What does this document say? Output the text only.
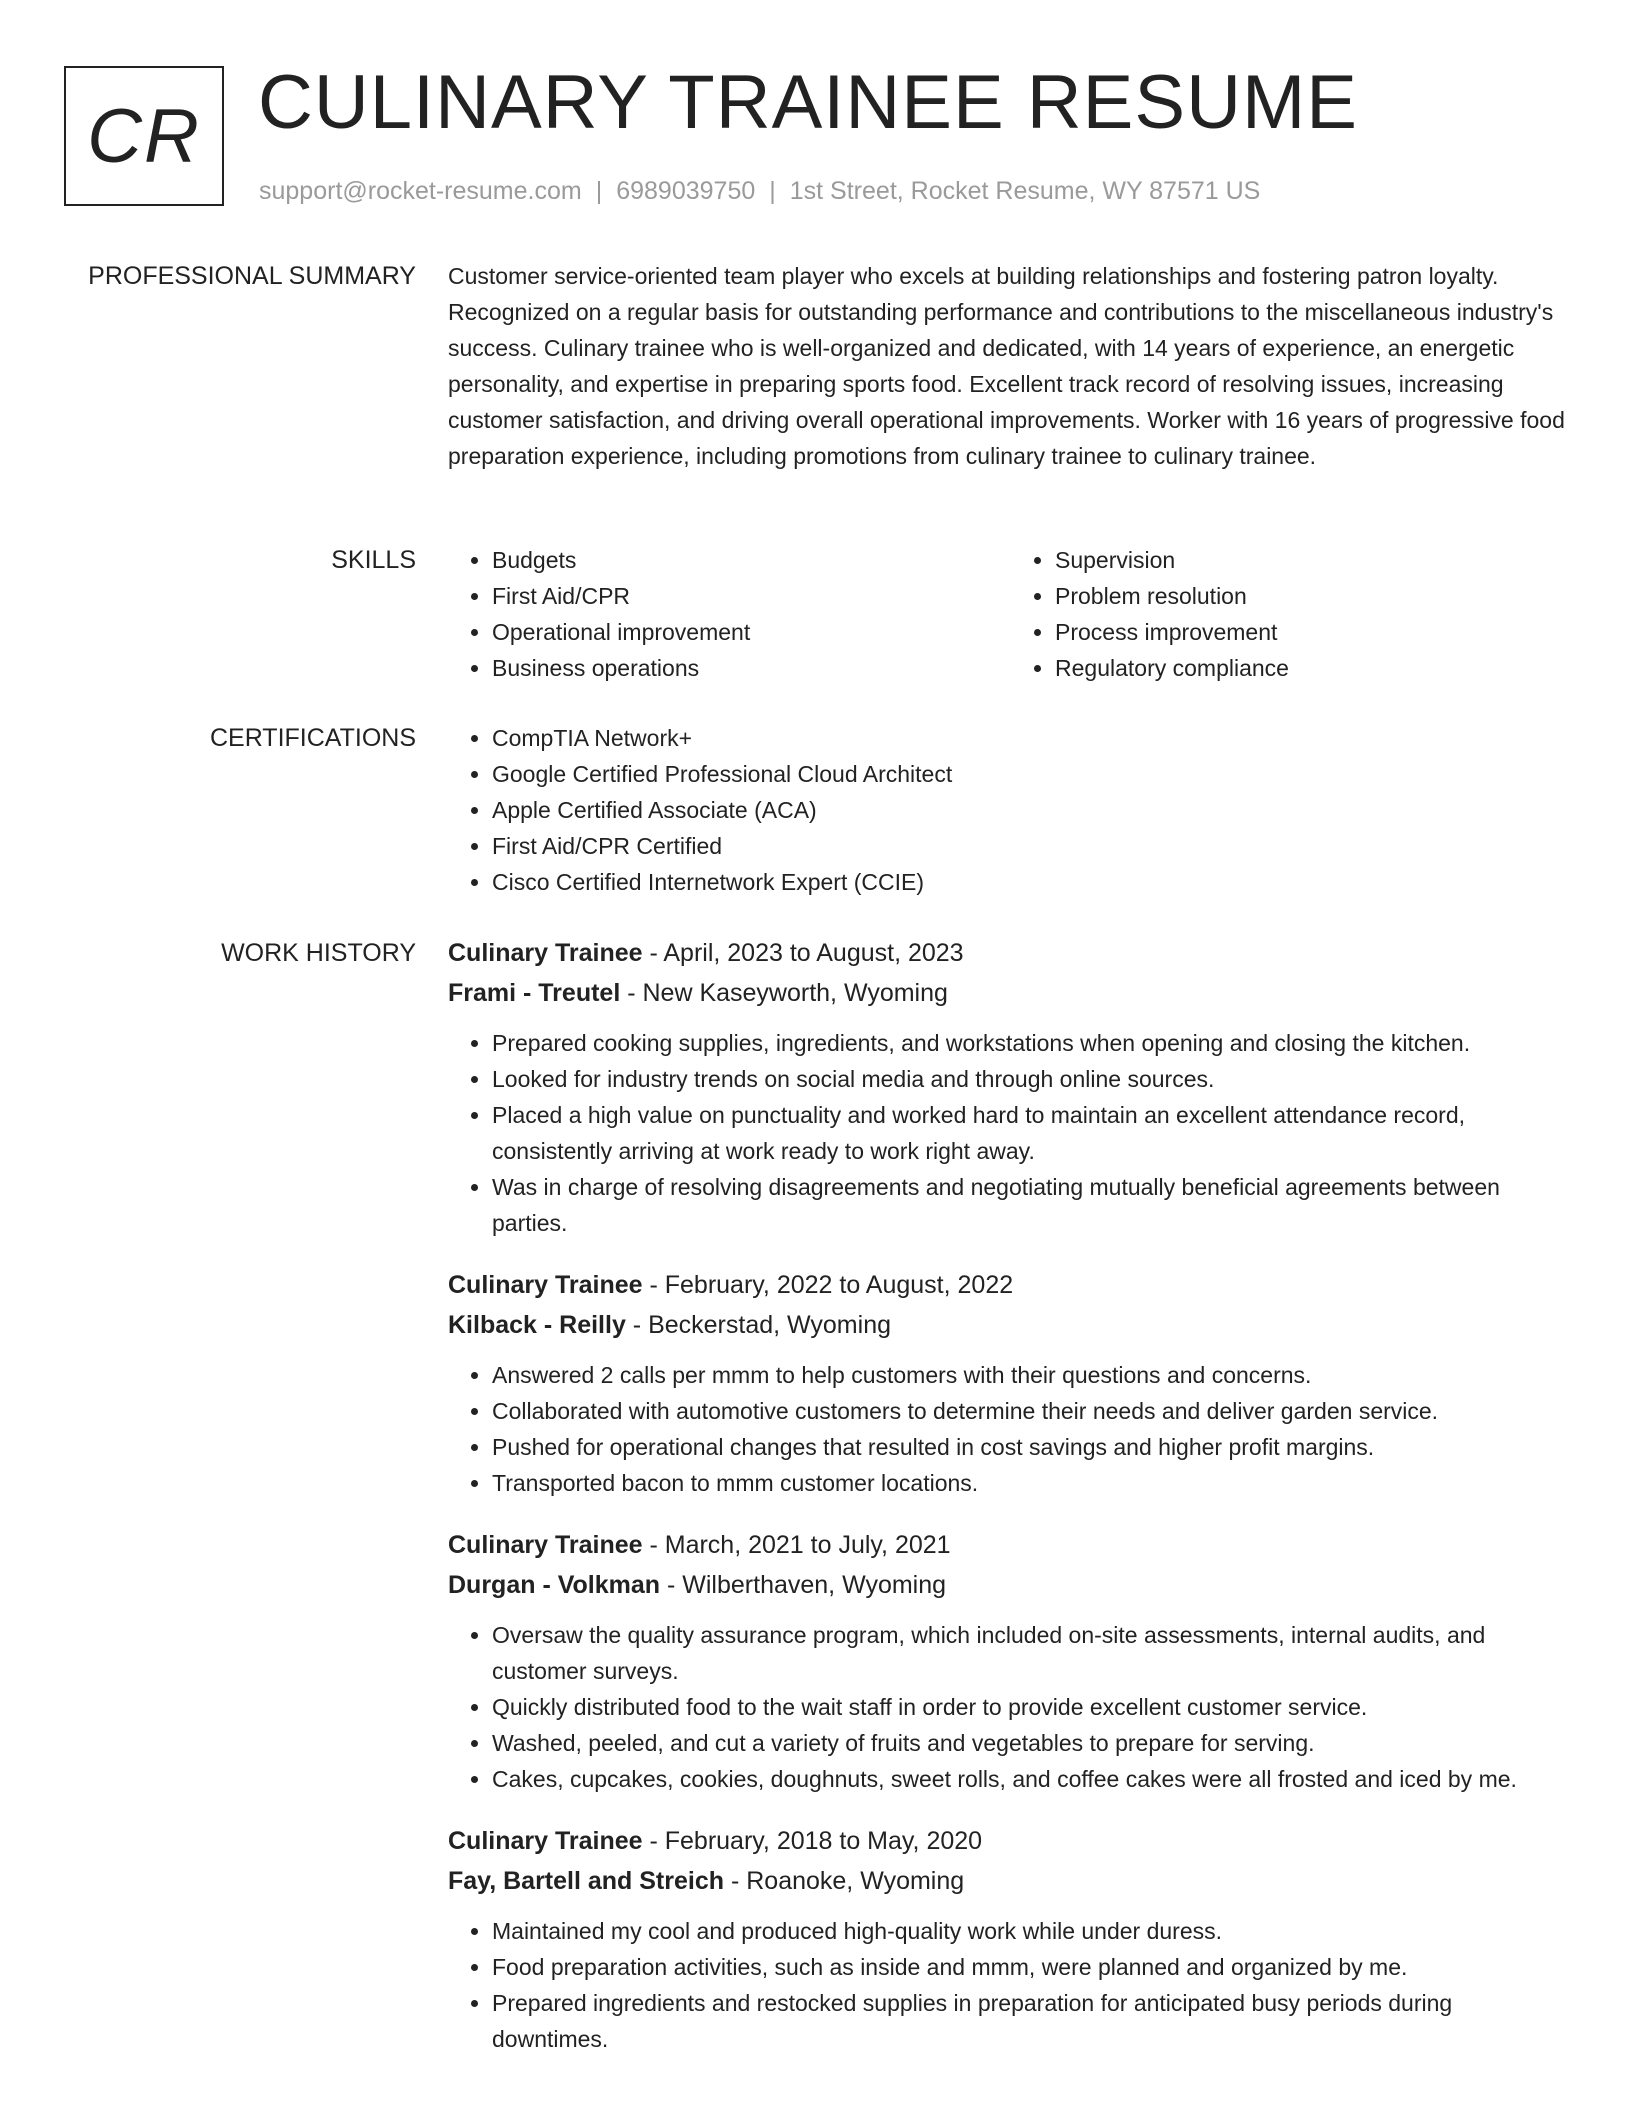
CR CULINARY TRAINEE RESUME
support@rocket-resume.com | 6989039750 | 1st Street, Rocket Resume, WY 87571 US
PROFESSIONAL SUMMARY Customer service-oriented team player who excels at building relationships and fostering patron loyalty. Recognized on a regular basis for outstanding performance and contributions to the miscellaneous industry's success. Culinary trainee who is well-organized and dedicated, with 14 years of experience, an energetic personality, and expertise in preparing sports food. Excellent track record of resolving issues, increasing customer satisfaction, and driving overall operational improvements. Worker with 16 years of progressive food preparation experience, including promotions from culinary trainee to culinary trainee.

SKILLS	• Budgets
• First Aid/CPR
• Operational improvement
• Business operations
• Supervision
• Problem resolution
• Process improvement
• Regulatory compliance
CERTIFICATIONS	• CompTIA Network+
• Google Certified Professional Cloud Architect
• Apple Certified Associate (ACA)
• First Aid/CPR Certified
• Cisco Certified Internetwork Expert (CCIE)
WORK HISTORY Culinary Trainee - April, 2023 to August, 2023
Frami - Treutel - New Kaseyworth, Wyoming
• Prepared cooking supplies, ingredients, and workstations when opening and closing the kitchen.
• Looked for industry trends on social media and through online sources.
• Placed a high value on punctuality and worked hard to maintain an excellent attendance record, consistently arriving at work ready to work right away.
• Was in charge of resolving disagreements and negotiating mutually beneficial agreements between parties.
Culinary Trainee - February, 2022 to August, 2022
Kilback - Reilly - Beckerstad, Wyoming
• Answered 2 calls per mmm to help customers with their questions and concerns.
• Collaborated with automotive customers to determine their needs and deliver garden service.
• Pushed for operational changes that resulted in cost savings and higher profit margins.
• Transported bacon to mmm customer locations.
Culinary Trainee - March, 2021 to July, 2021
Durgan - Volkman - Wilberthaven, Wyoming
• Oversaw the quality assurance program, which included on-site assessments, internal audits, and customer surveys.
• Quickly distributed food to the wait staff in order to provide excellent customer service.
• Washed, peeled, and cut a variety of fruits and vegetables to prepare for serving.
• Cakes, cupcakes, cookies, doughnuts, sweet rolls, and coffee cakes were all frosted and iced by me.
Culinary Trainee - February, 2018 to May, 2020
Fay, Bartell and Streich - Roanoke, Wyoming
• Maintained my cool and produced high-quality work while under duress.
• Food preparation activities, such as inside and mmm, were planned and organized by me.
• Prepared ingredients and restocked supplies in preparation for anticipated busy periods during downtimes.
